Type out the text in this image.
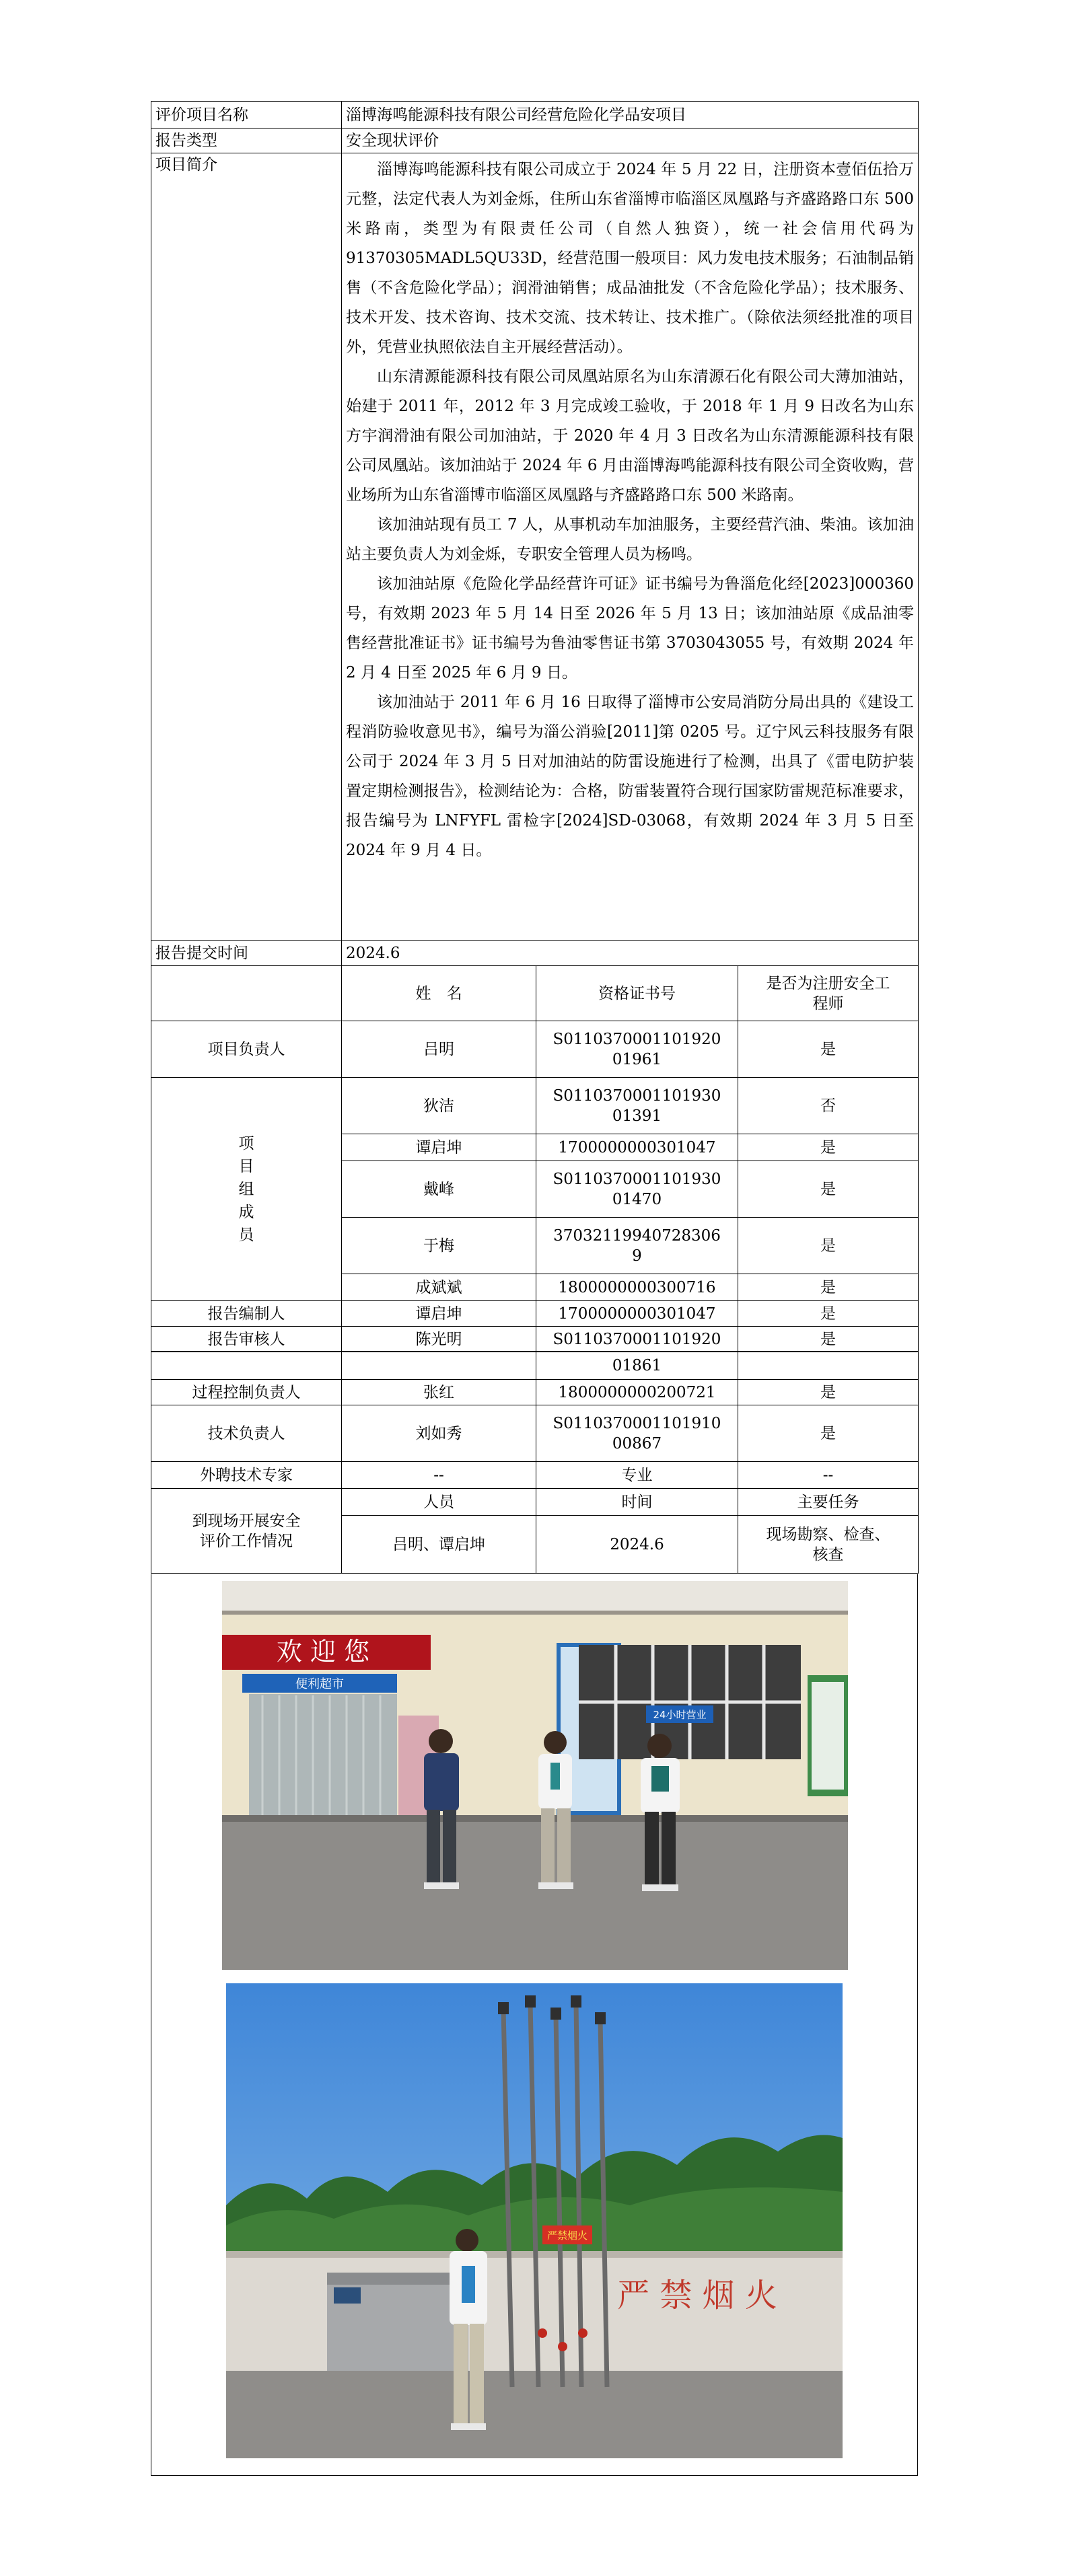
评价项目名称	淄博海鸣能源科技有限公司经营危险化学品安项目		
报告类型	安全现状评价		
项目简介	淄博海鸣能源科技有限公司成立于 2024 年 5 月 22 日，注册资本壹佰伍拾万元整，法定代表人为刘金烁，住所山东省淄博市临淄区凤凰路与齐盛路路口东 500 米路南，类型为有限责任公司（自然人独资），统一社会信用代码为 91370305MADL5QU33D，经营范围一般项目：风力发电技术服务；石油制品销售（不含危险化学品）；润滑油销售；成品油批发（不含危险化学品）；技术服务、技术开发、技术咨询、技术交流、技术转让、技术推广。（除依法须经批准的项目外，凭营业执照依法自主开展经营活动）。
山东清源能源科技有限公司凤凰站原名为山东清源石化有限公司大薄加油站，始建于 2011 年，2012 年 3 月完成竣工验收，于 2018 年 1 月 9 日改名为山东方宇润滑油有限公司加油站，于 2020 年 4 月 3 日改名为山东清源能源科技有限公司凤凰站。该加油站于 2024 年 6 月由淄博海鸣能源科技有限公司全资收购，营业场所为山东省淄博市临淄区凤凰路与齐盛路路口东 500 米路南。
该加油站现有员工 7 人，从事机动车加油服务，主要经营汽油、柴油。该加油站主要负责人为刘金烁，专职安全管理人员为杨鸣。
该加油站原《危险化学品经营许可证》证书编号为鲁淄危化经[2023]000360 号，有效期 2023 年 5 月 14 日至 2026 年 5 月 13 日；该加油站原《成品油零售经营批准证书》证书编号为鲁油零售证书第 3703043055 号，有效期 2024 年 2 月 4 日至 2025 年 6 月 9 日。
该加油站于 2011 年 6 月 16 日取得了淄博市公安局消防分局出具的《建设工程消防验收意见书》，编号为淄公消验[2011]第 0205 号。辽宁风云科技服务有限公司于 2024 年 3 月 5 日对加油站的防雷设施进行了检测，出具了《雷电防护装置定期检测报告》，检测结论为：合格，防雷装置符合现行国家防雷规范标准要求，报告编号为 LNFYFL 雷检字[2024]SD-03068，有效期 2024 年 3 月 5 日至 2024 年 9 月 4 日。		

报告提交时间	2024.6		
	姓　名	资格证书号	是否为注册安全工
程师

项目负责人	吕明	S0110370001101920
01961	是

项
目
组
成
员	狄洁	S0110370001101930
01391	否
	谭启坤	1700000000301047	是
	戴峰	S0110370001101930
01470	是
	于梅	37032119940728306
9	是
	成斌斌	1800000000300716	是
报告编制人	谭启坤	1700000000301047	是
报告审核人	陈光明	S0110370001101920	是
		01861	
过程控制负责人	张红	1800000000200721	是
技术负责人	刘如秀	S0110370001101910
00867	是
外聘技术专家	--	专业	--

到现场开展安全
评价工作情况	人员	时间	主要任务
	吕明、谭启坤	2024.6	现场勘察、检查、
核查
欢 迎 您
便利超市
24小时营业
严 禁 烟 火
严禁烟火
